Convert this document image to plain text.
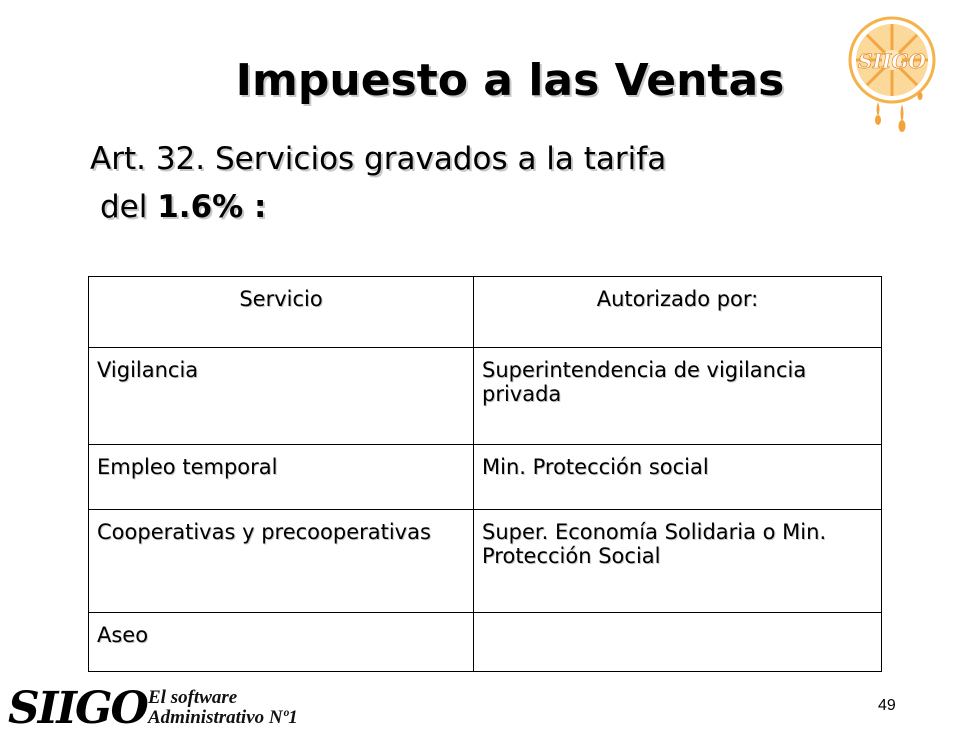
SIIGO
Impuesto a las Ventas
Art. 32. Servicios gravados a la tarifa
del 1.6% :
Servicio	Autorizado por:
Vigilancia	Superintendencia de vigilancia privada
Empleo temporal	Min. Protección social
Cooperativas y precooperativas	Super. Economía Solidaria o Min. Protección Social
Aseo	
SIIGO El software
Administrativo Nº1
49
